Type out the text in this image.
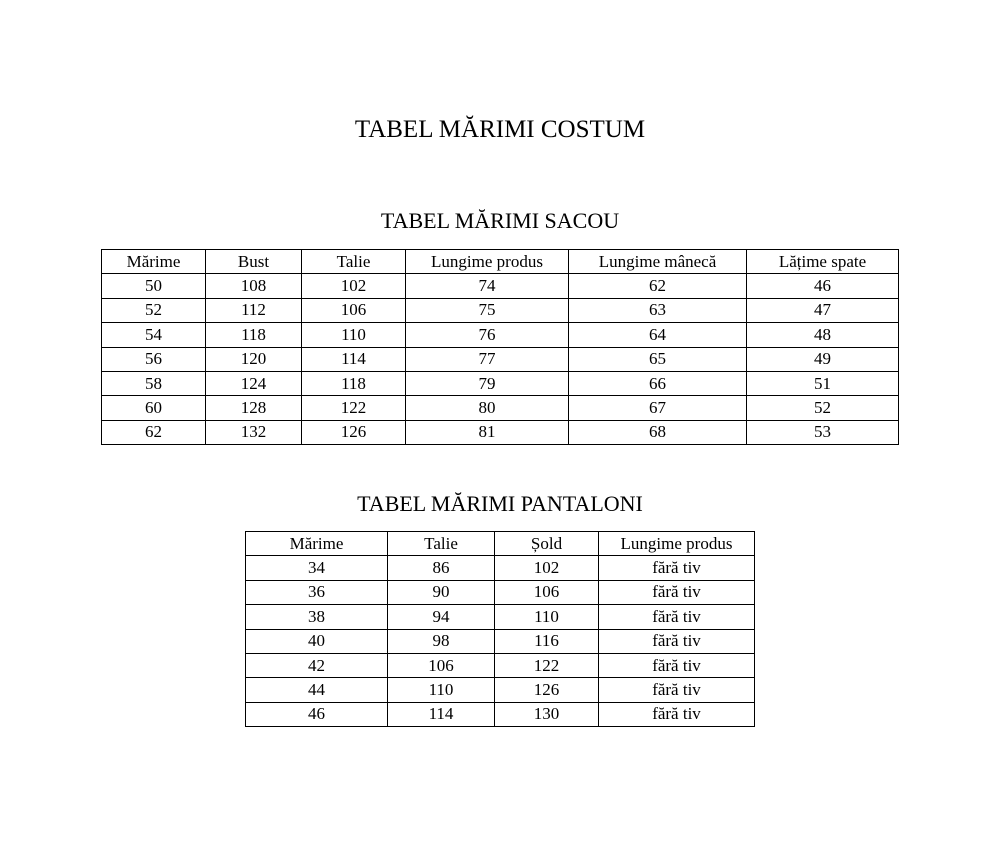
TABEL MĂRIMI COSTUM
TABEL MĂRIMI SACOU
Mărime	Bust	Talie	Lungime produs	Lungime mânecă	Lățime spate
50	108	102	74	62	46
52	112	106	75	63	47
54	118	110	76	64	48
56	120	114	77	65	49
58	124	118	79	66	51
60	128	122	80	67	52
62	132	126	81	68	53
TABEL MĂRIMI PANTALONI
Mărime	Talie	Șold	Lungime produs
34	86	102	fără tiv
36	90	106	fără tiv
38	94	110	fără tiv
40	98	116	fără tiv
42	106	122	fără tiv
44	110	126	fără tiv
46	114	130	fără tiv
